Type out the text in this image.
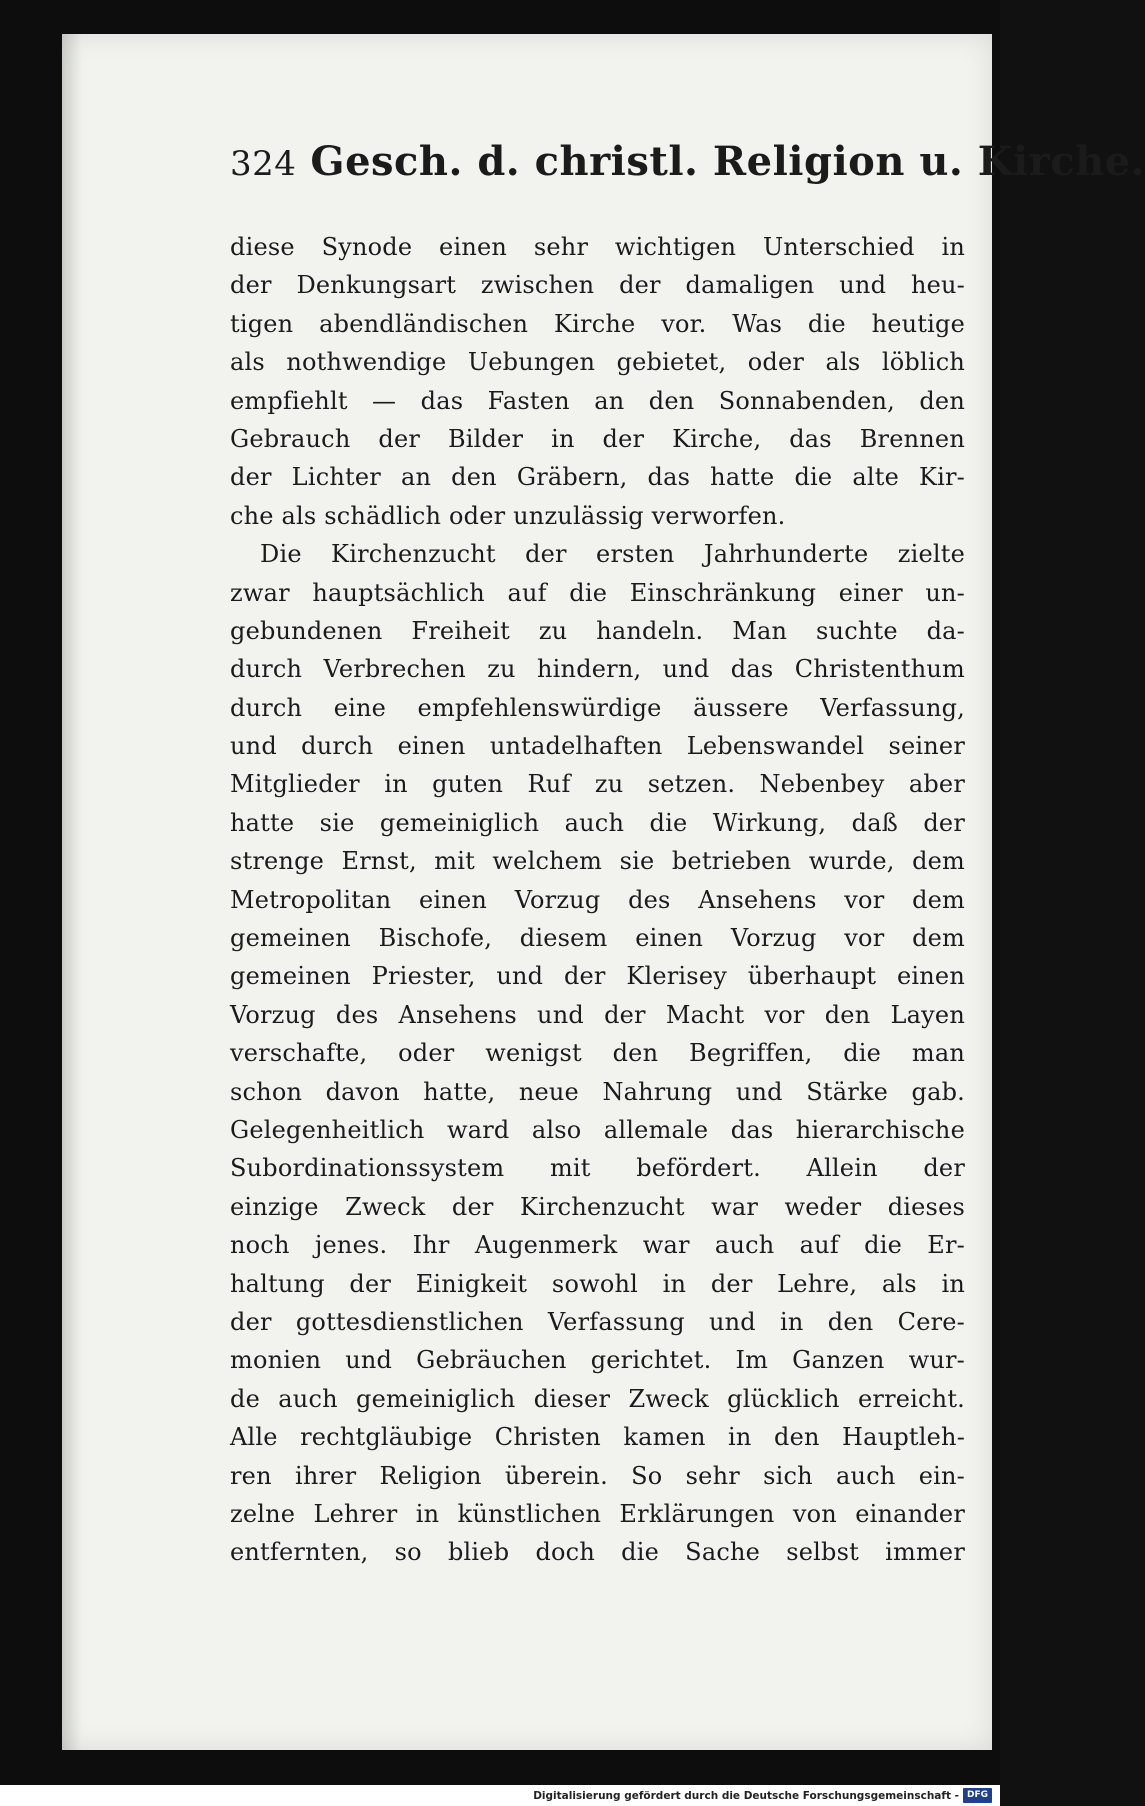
324 Gesch. d. christl. Religion u. Kirche.
diese Synode einen sehr wichtigen Unterschied in
der Denkungsart zwischen der damaligen und heu-
tigen abendländischen Kirche vor. Was die heutige
als nothwendige Uebungen gebietet, oder als löblich
empfiehlt — das Fasten an den Sonnabenden, den
Gebrauch der Bilder in der Kirche, das Brennen
der Lichter an den Gräbern, das hatte die alte Kir-
che als schädlich oder unzulässig verworfen.
Die Kirchenzucht der ersten Jahrhunderte zielte
zwar hauptsächlich auf die Einschränkung einer un-
gebundenen Freiheit zu handeln. Man suchte da-
durch Verbrechen zu hindern, und das Christenthum
durch eine empfehlenswürdige äussere Verfassung,
und durch einen untadelhaften Lebenswandel seiner
Mitglieder in guten Ruf zu setzen. Nebenbey aber
hatte sie gemeiniglich auch die Wirkung, daß der
strenge Ernst, mit welchem sie betrieben wurde, dem
Metropolitan einen Vorzug des Ansehens vor dem
gemeinen Bischofe, diesem einen Vorzug vor dem
gemeinen Priester, und der Klerisey überhaupt einen
Vorzug des Ansehens und der Macht vor den Layen
verschafte, oder wenigst den Begriffen, die man
schon davon hatte, neue Nahrung und Stärke gab.
Gelegenheitlich ward also allemale das hierarchische
Subordinationssystem mit befördert. Allein der
einzige Zweck der Kirchenzucht war weder dieses
noch jenes. Ihr Augenmerk war auch auf die Er-
haltung der Einigkeit sowohl in der Lehre, als in
der gottesdienstlichen Verfassung und in den Cere-
monien und Gebräuchen gerichtet. Im Ganzen wur-
de auch gemeiniglich dieser Zweck glücklich erreicht.
Alle rechtgläubige Christen kamen in den Hauptleh-
ren ihrer Religion überein. So sehr sich auch ein-
zelne Lehrer in künstlichen Erklärungen von einander
entfernten, so blieb doch die Sache selbst immer
Digitalisierung gefördert durch die Deutsche Forschungsgemeinschaft - DFG
